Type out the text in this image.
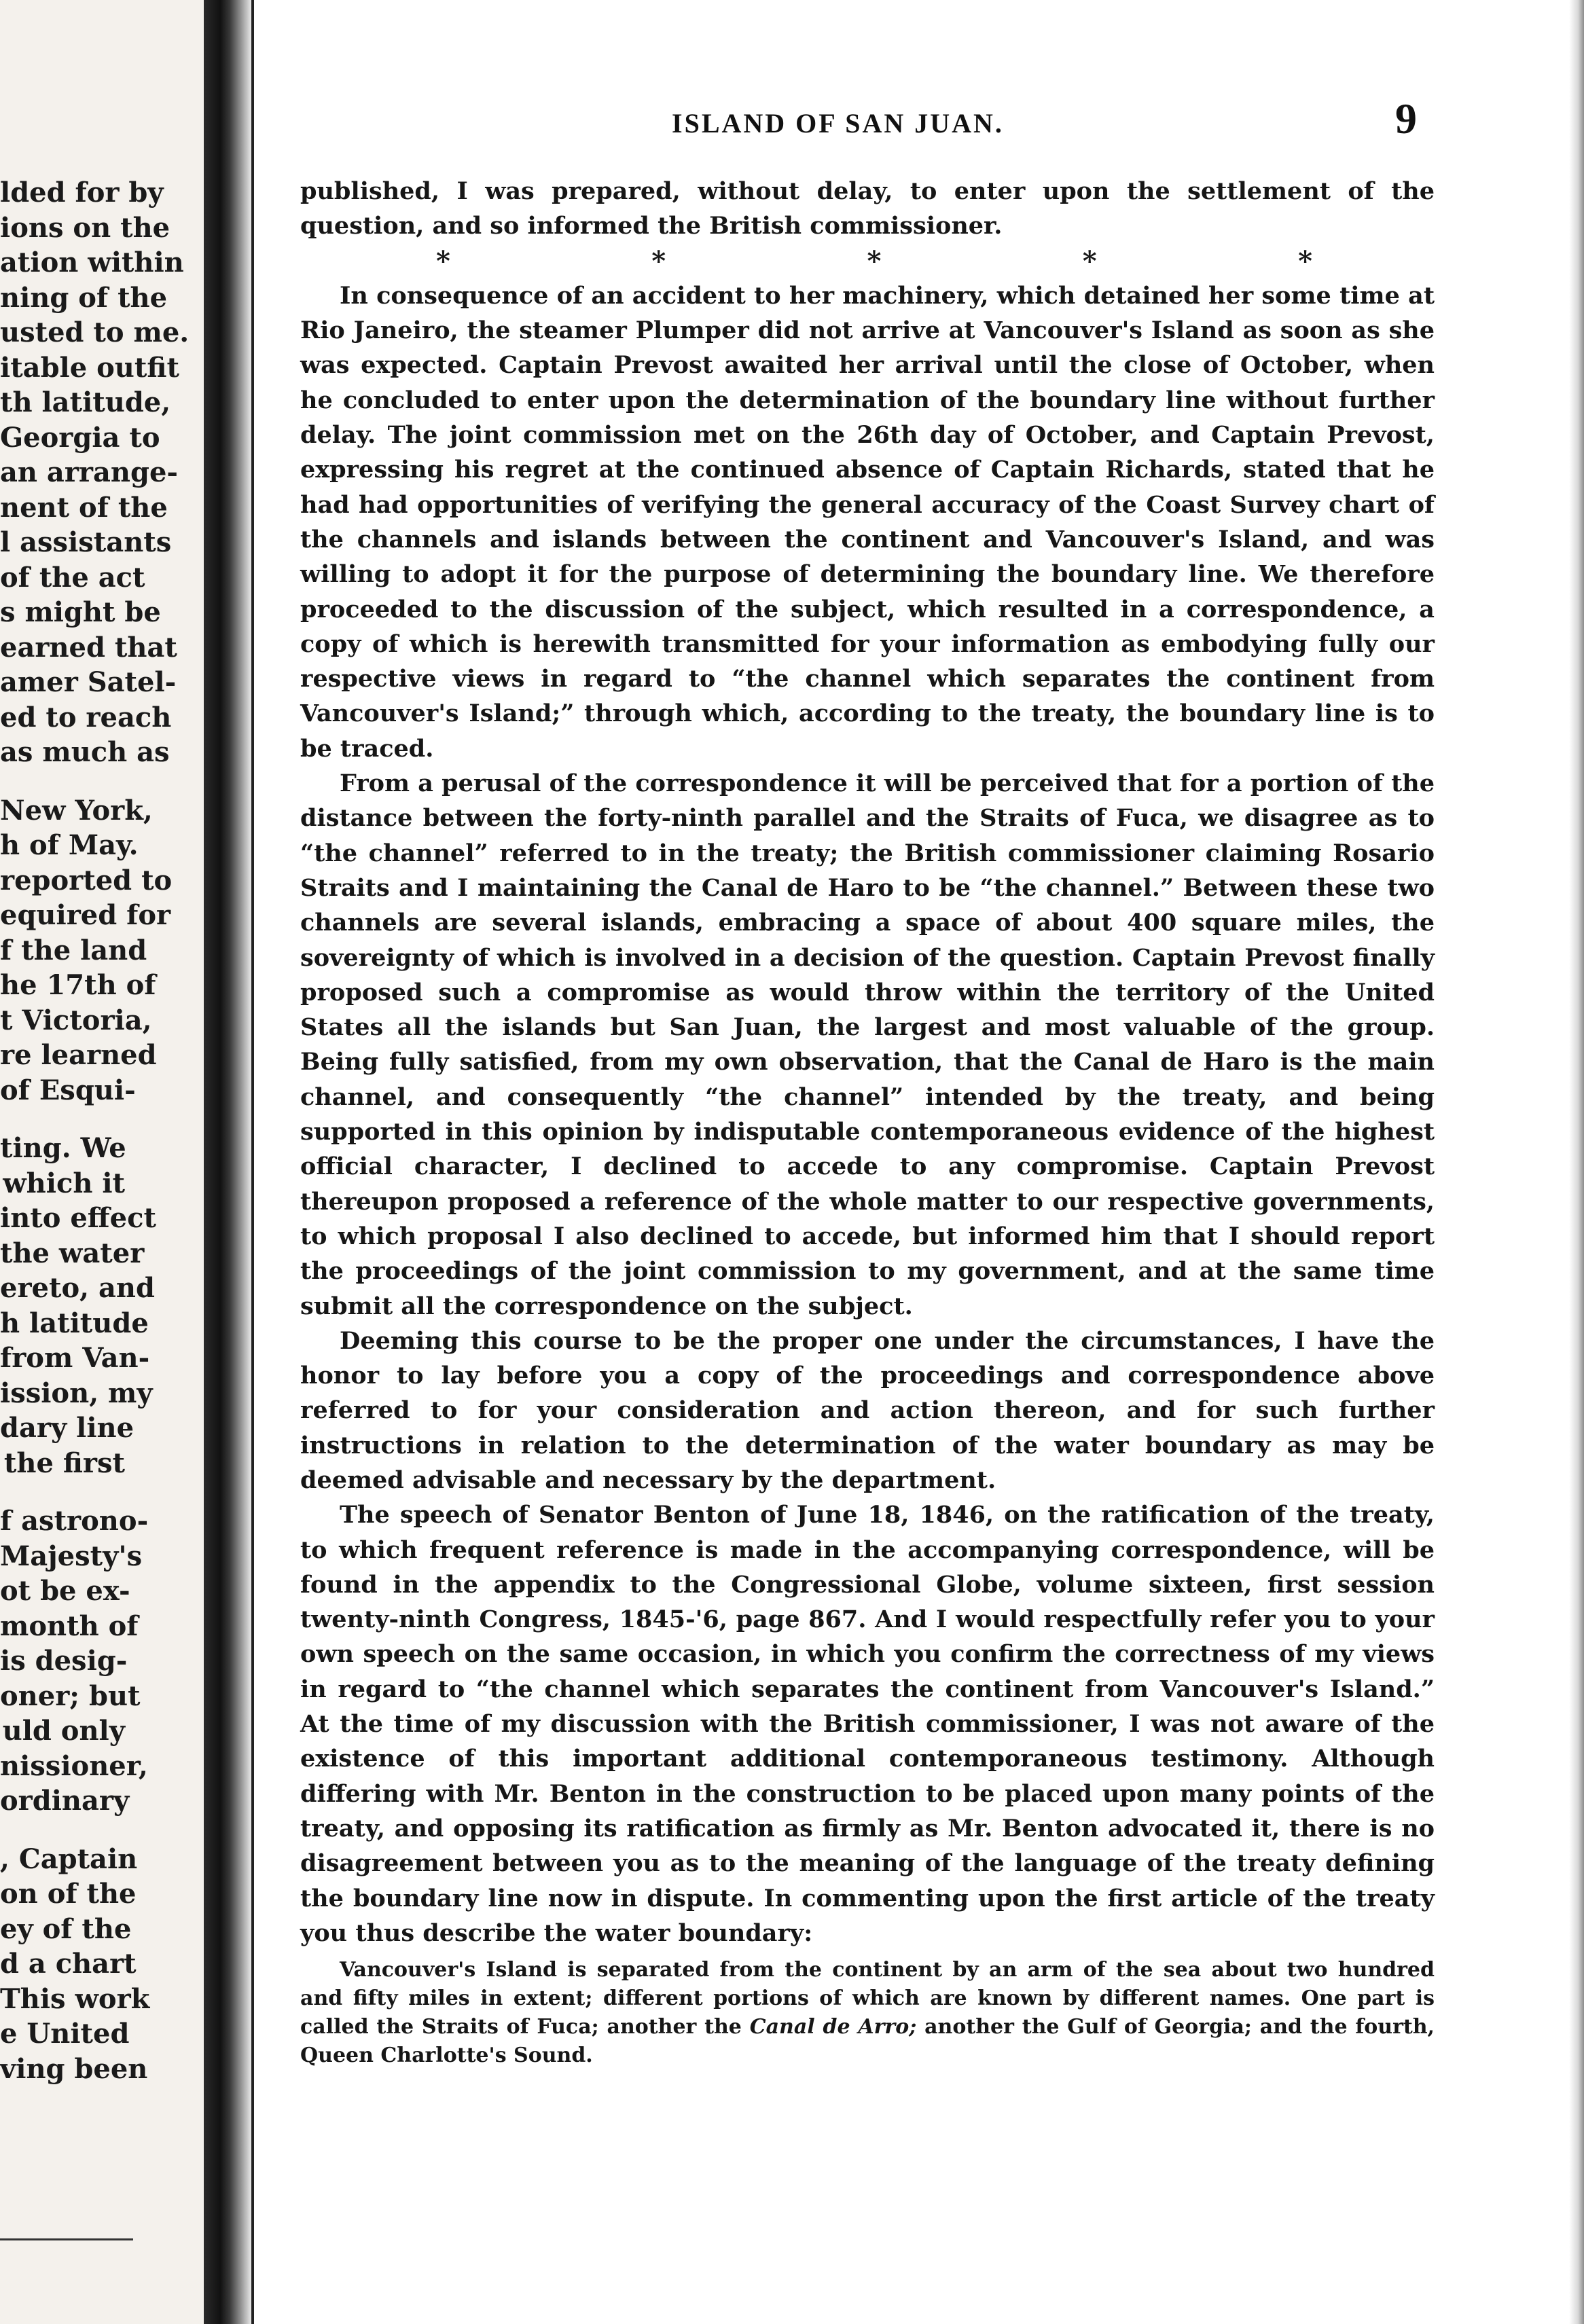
lded for by
ions on the
ation within
ning of the
usted to me.
itable outfit
th latitude,
Georgia to
an arrange-
nent of the
l assistants
of the act
s might be
earned that
amer Satel-
ed to reach
as much as
New York,
h of May.
reported to
equired for
f the land
he 17th of
t Victoria,
re learned
of Esqui-
ting. We
which it
into effect
the water
ereto, and
h latitude
from Van-
ission, my
dary line
the first
f astrono-
Majesty's
ot be ex-
month of
is desig-
oner; but
uld only
nissioner,
ordinary
, Captain
on of the
ey of the
d a chart
This work
e United
ving been
ISLAND OF SAN JUAN.	9

published, I was prepared, without delay, to enter upon the settlement of the question, and so informed the British commissioner.

*	*	*	*	*

In consequence of an accident to her machinery, which detained her some time at Rio Janeiro, the steamer Plumper did not arrive at Vancouver's Island as soon as she was expected. Captain Prevost awaited her arrival until the close of October, when he concluded to enter upon the determination of the boundary line without further delay. The joint commission met on the 26th day of October, and Captain Prevost, expressing his regret at the continued absence of Captain Richards, stated that he had had opportunities of verifying the general accuracy of the Coast Survey chart of the channels and islands between the continent and Vancouver's Island, and was willing to adopt it for the purpose of determining the boundary line. We therefore proceeded to the discussion of the subject, which resulted in a correspondence, a copy of which is herewith transmitted for your information as embodying fully our respective views in regard to “the channel which separates the continent from Vancouver's Island;” through which, according to the treaty, the boundary line is to be traced.

From a perusal of the correspondence it will be perceived that for a portion of the distance between the forty-ninth parallel and the Straits of Fuca, we disagree as to “the channel” referred to in the treaty; the British commissioner claiming Rosario Straits and I maintaining the Canal de Haro to be “the channel.” Between these two channels are several islands, embracing a space of about 400 square miles, the sovereignty of which is involved in a decision of the question. Captain Prevost finally proposed such a compromise as would throw within the territory of the United States all the islands but San Juan, the largest and most valuable of the group. Being fully satisfied, from my own observation, that the Canal de Haro is the main channel, and consequently “the channel” intended by the treaty, and being supported in this opinion by indisputable contemporaneous evidence of the highest official character, I declined to accede to any compromise. Captain Prevost thereupon proposed a reference of the whole matter to our respective governments, to which proposal I also declined to accede, but informed him that I should report the proceedings of the joint commission to my government, and at the same time submit all the correspondence on the subject.

Deeming this course to be the proper one under the circumstances, I have the honor to lay before you a copy of the proceedings and correspondence above referred to for your consideration and action thereon, and for such further instructions in relation to the determination of the water boundary as may be deemed advisable and necessary by the department.

The speech of Senator Benton of June 18, 1846, on the ratification of the treaty, to which frequent reference is made in the accompanying correspondence, will be found in the appendix to the Congressional Globe, volume sixteen, first session twenty-ninth Congress, 1845-'6, page 867. And I would respectfully refer you to your own speech on the same occasion, in which you confirm the correctness of my views in regard to “the channel which separates the continent from Vancouver's Island.” At the time of my discussion with the British commissioner, I was not aware of the existence of this important additional contemporaneous testimony. Although differing with Mr. Benton in the construction to be placed upon many points of the treaty, and opposing its ratification as firmly as Mr. Benton advocated it, there is no disagreement between you as to the meaning of the language of the treaty defining the boundary line now in dispute. In commenting upon the first article of the treaty you thus describe the water boundary:

Vancouver's Island is separated from the continent by an arm of the sea about two hundred and fifty miles in extent; different portions of which are known by different names. One part is called the Straits of Fuca; another the Canal de Arro; another the Gulf of Georgia; and the fourth, Queen Charlotte's Sound.
